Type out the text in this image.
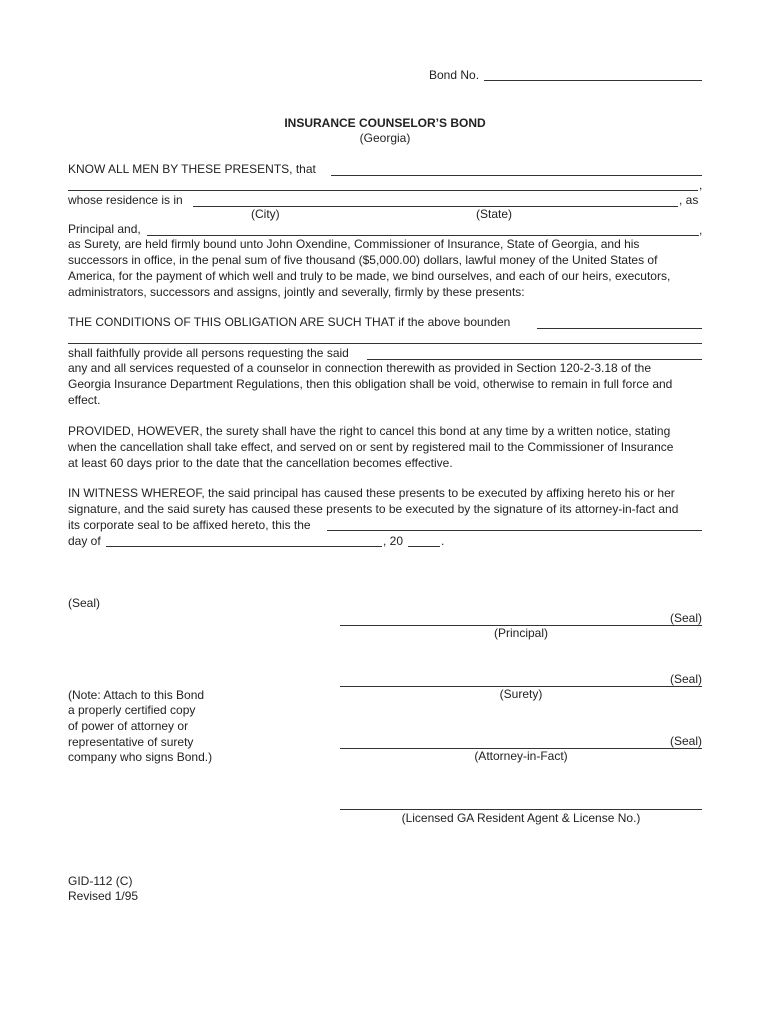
Bond No.
INSURANCE COUNSELOR’S BOND
(Georgia)
KNOW ALL MEN BY THESE PRESENTS, that
,
whose residence is in	, as
(City)	(State)
Principal and,	,
as Surety, are held firmly bound unto John Oxendine, Commissioner of Insurance, State of Georgia, and his
successors in office, in the penal sum of five thousand ($5,000.00) dollars, lawful money of the United States of
America, for the payment of which well and truly to be made, we bind ourselves, and each of our heirs, executors,
administrators, successors and assigns, jointly and severally, firmly by these presents:
THE CONDITIONS OF THIS OBLIGATION ARE SUCH THAT if the above bounden
shall faithfully provide all persons requesting the said
any and all services requested of a counselor in connection therewith as provided in Section 120-2-3.18 of the
Georgia Insurance Department Regulations, then this obligation shall be void, otherwise to remain in full force and
effect.
PROVIDED, HOWEVER, the surety shall have the right to cancel this bond at any time by a written notice, stating
when the cancellation shall take effect, and served on or sent by registered mail to the Commissioner of Insurance
at least 60 days prior to the date that the cancellation becomes effective.
IN WITNESS WHEREOF, the said principal has caused these presents to be executed by affixing hereto his or her
signature, and the said surety has caused these presents to be executed by the signature of its attorney-in-fact and
its corporate seal to be affixed hereto, this the
day of	, 20	.
(Seal)
(Seal)
(Principal)
(Seal)
(Surety)
(Note: Attach to this Bond
a properly certified copy
of power of attorney or
representative of surety
company who signs Bond.)
(Seal)
(Attorney-in-Fact)
(Licensed GA Resident Agent & License No.)
GID-112 (C)
Revised 1/95
